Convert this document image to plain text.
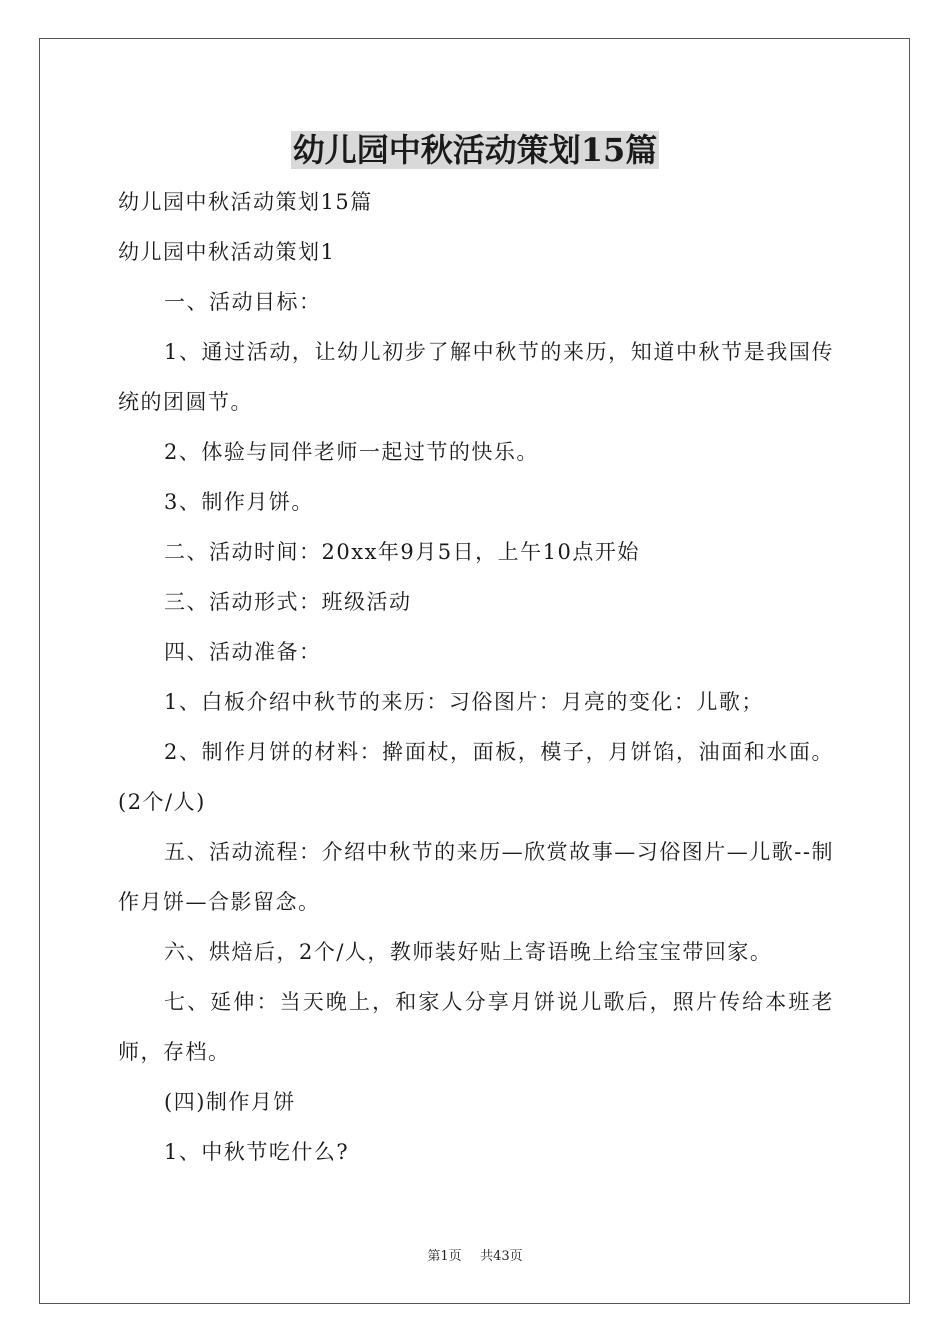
幼儿园中秋活动策划15篇

幼儿园中秋活动策划15篇

幼儿园中秋活动策划1

一、活动目标：

1、通过活动，让幼儿初步了解中秋节的来历，知道中秋节是我国传统的团圆节。

2、体验与同伴老师一起过节的快乐。

3、制作月饼。

二、活动时间：20xx年9月5日，上午10点开始

三、活动形式：班级活动

四、活动准备：

1、白板介绍中秋节的来历：习俗图片：月亮的变化：儿歌；

2、制作月饼的材料：擀面杖，面板，模子，月饼馅，油面和水面。(2个/人)

五、活动流程：介绍中秋节的来历—欣赏故事—习俗图片—儿歌--制作月饼—合影留念。

六、烘焙后，2个/人，教师装好贴上寄语晚上给宝宝带回家。

七、延伸：当天晚上，和家人分享月饼说儿歌后，照片传给本班老师，存档。

(四)制作月饼

1、中秋节吃什么?

第1页 共43页
